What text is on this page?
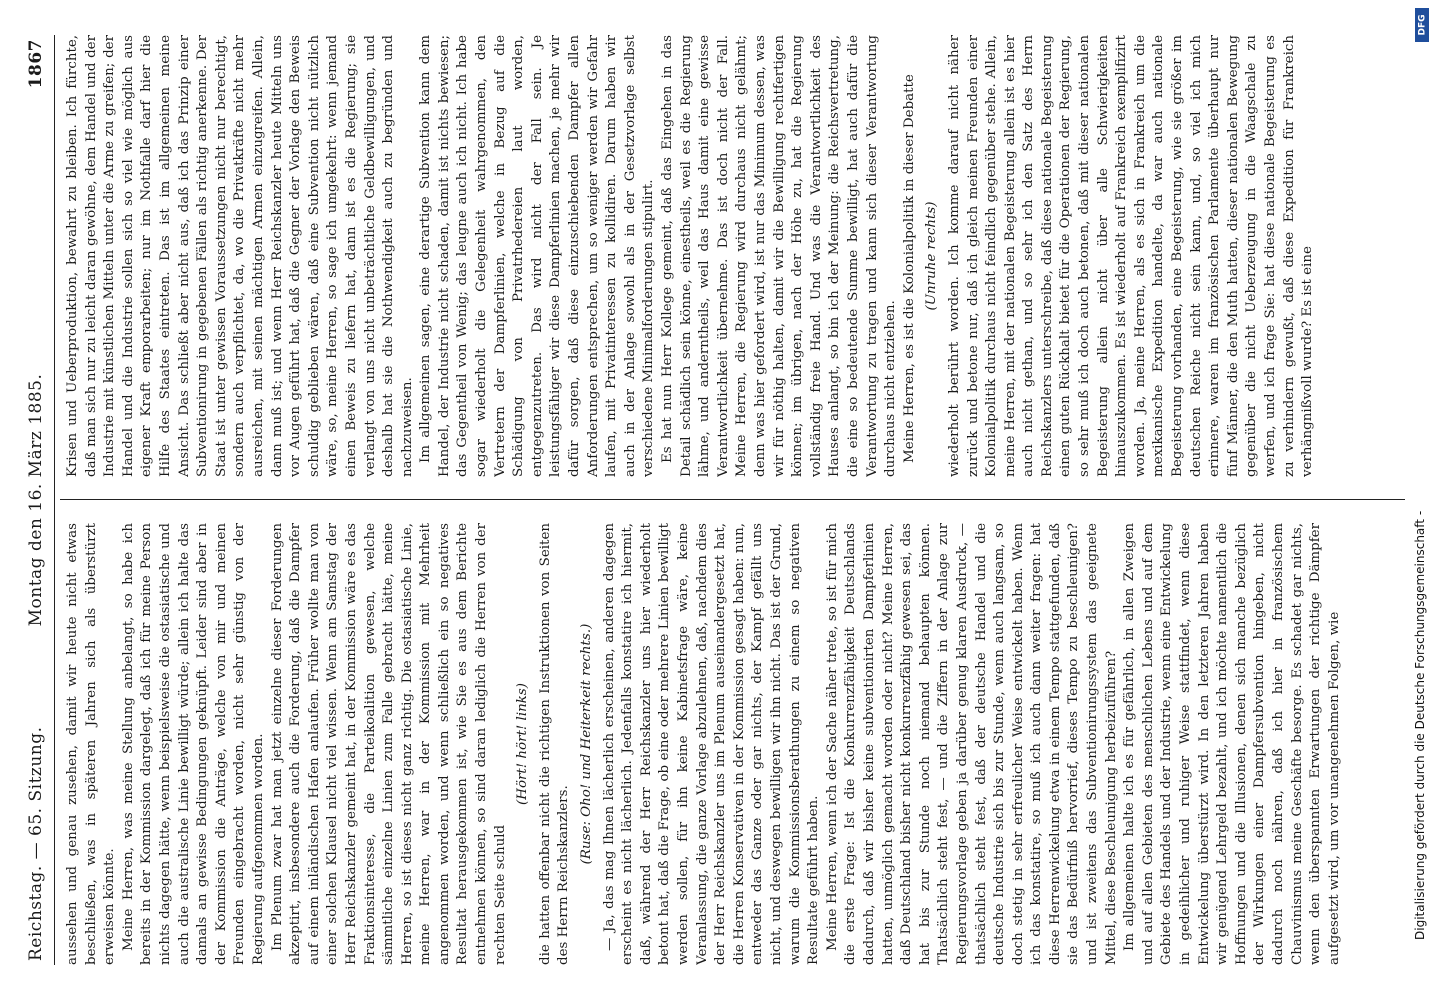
Reichstag. — 65. Sitzung.
Montag den 16. März 1885.
1867

aussehen und genau zusehen, damit wir heute nicht etwas beschließen, was in späteren Jahren sich als überstürzt erweisen könnte. Meine Herren, was meine Stellung anbelangt, so habe ich bereits in der Kommission dargelegt, daß ich für meine Person nichts dagegen hätte, wenn beispielsweise die ostasiatische und auch die australische Linie bewilligt würde; allein ich halte das damals an gewisse Bedingungen geknüpft. Leider sind aber in der Kommission die Anträge, welche von mir und meinen Freunden eingebracht worden, nicht sehr günstig von der Regierung aufgenommen worden. Im Plenum zwar hat man jetzt einzelne dieser Forderungen akzeptirt, insbesondere auch die Forderung, daß die Dampfer auf einem inländischen Hafen anlaufen. Früher wollte man von einer solchen Klausel nicht viel wissen. Wenn am Samstag der Herr Reichskanzler gemeint hat, in der Kommission wäre es das Fraktionsinteresse, die Parteikoalition gewesen, welche sämmtliche einzelne Linien zum Falle gebracht hätte, meine Herren, so ist dieses nicht ganz richtig. Die ostasiatische Linie, meine Herren, war in der Kommission mit Mehrheit angenommen worden, und wenn schließlich ein so negatives Resultat herausgekommen ist, wie Sie es aus dem Berichte entnehmen können, so sind daran lediglich die Herren von der rechten Seite schuld

(Hört! hört! links) die hatten offenbar nicht die richtigen Instruktionen von Seiten des Herrn Reichskanzlers.

(Ruse: Oho! und Heiterkeit rechts.) — Ja, das mag Ihnen lächerlich erscheinen, anderen dagegen erscheint es nicht lächerlich. Jedenfalls konstatire ich hiermit, daß, während der Herr Reichskanzler uns hier wiederholt betont hat, daß die Frage, ob eine oder mehrere Linien bewilligt werden sollen, für ihn keine Kabinetsfrage wäre, keine Veranlassung, die ganze Vorlage abzulehnen, daß, nachdem dies der Herr Reichskanzler uns im Plenum auseinandergesetzt hat, die Herren Konservativen in der Kommission gesagt haben: nun, entweder das Ganze oder gar nichts, der Kampf gefällt uns nicht, und deswegen bewilligen wir ihn nicht. Das ist der Grund, warum die Kommissionsberathungen zu einem so negativen Resultate geführt haben. Meine Herren, wenn ich der Sache näher trete, so ist für mich die erste Frage: Ist die Konkurrenzfähigkeit Deutschlands dadurch, daß wir bisher keine subventionirten Dampferlinien hatten, unmöglich gemacht worden oder nicht? Meine Herren, daß Deutschland bisher nicht konkurrenzfähig gewesen sei, das hat bis zur Stunde noch niemand behaupten können. Thatsächlich steht fest, — und die Ziffern in der Anlage zur Regierungsvorlage geben ja darüber genug klaren Ausdruck, — thatsächlich steht fest, daß der deutsche Handel und die deutsche Industrie sich bis zur Stunde, wenn auch langsam, so doch stetig in sehr erfreulicher Weise entwickelt haben. Wenn ich das konstatire, so muß ich auch dann weiter fragen: hat diese Herrenwickelung etwa in einem Tempo stattgefunden, daß sie das Bedürfniß hervorrief, dieses Tempo zu beschleunigen? und ist zweitens das Subventionirungssystem das geeignete Mittel, diese Beschleunigung herbeizuführen? Im allgemeinen halte ich es für gefährlich, in allen Zweigen und auf allen Gebieten des menschlichen Lebens und auf dem Gebiete des Handels und der Industrie, wenn eine Entwickelung in gedeihlicher und ruhiger Weise stattfindet, wenn diese Entwickelung überstürzt wird. In den letzteren Jahren haben wir genügend Lehrgeld bezahlt, und ich möchte namentlich die Hoffnungen und die Illusionen, denen sich manche bezüglich der Wirkungen einer Dampfersubvention hingeben, nicht dadurch noch nähren, daß ich hier in französischem Chauvinismus meine Geschäfte besorge. Es schadet gar nichts, wenn den überspannten Erwartungen der richtige Dämpfer aufgesetzt wird, um vor unangenehmen Folgen, wie

Krisen und Ueberproduktion, bewahrt zu bleiben. Ich fürchte, daß man sich nur zu leicht daran gewöhne, dem Handel und der Industrie mit künstlichen Mitteln unter die Arme zu greifen; der Handel und die Industrie sollen sich so viel wie möglich aus eigener Kraft emporarbeiten; nur im Nothfalle darf hier die Hilfe des Staates eintreten. Das ist im allgemeinen meine Ansicht. Das schließt aber nicht aus, daß ich das Prinzip einer Subventionirung in gegebenen Fällen als richtig anerkenne. Der Staat ist unter gewissen Voraussetzungen nicht nur berechtigt, sondern auch verpflichtet, da, wo die Privatkräfte nicht mehr ausreichen, mit seinen mächtigen Armen einzugreifen. Allein, dann muß ist; und wenn Herr Reichskanzler heute Mitteln uns vor Augen geführt hat, daß die Gegner der Vorlage den Beweis schuldig geblieben wären, daß eine Subvention nicht nützlich wäre, so, meine Herren, so sage ich umgekehrt: wenn jemand einen Beweis zu liefern hat, dann ist es die Regierung; sie verlangt von uns nicht unbeträchtliche Geldbewilligungen, und deshalb hat sie die Nothwendigkeit auch zu begründen und nachzuweisen. Im allgemeinen sagen, eine derartige Subvention kann dem Handel, der Industrie nicht schaden, damit ist nichts bewiesen; das Gegentheil von Wenig; das leugne auch ich nicht. Ich habe sogar wiederholt die Gelegenheit wahrgenommen, den Vertretern der Dampferlinien, welche in Bezug auf die Schädigung von Privatrhedereien laut worden, entgegenzutreten. Das wird nicht der Fall sein. Je leistungsfähiger wir diese Dampferlinien machen, je mehr wir dafür sorgen, daß diese einzuschiebenden Dampfer allen Anforderungen entsprechen, um so weniger werden wir Gefahr laufen, mit Privatinteressen zu kollidiren. Darum haben wir auch in der Anlage sowohl als in der Gesetzvorlage selbst verschiedene Minimalforderungen stipulirt. Es hat nun Herr Kollege gemeint, daß das Eingehen in das Detail schädlich sein könne, einestheils, weil es die Regierung lähme, und anderntheils, weil das Haus damit eine gewisse Verantwortlichkeit übernehme. Das ist doch nicht der Fall. Meine Herren, die Regierung wird durchaus nicht gelähmt; denn was hier gefordert wird, ist nur das Minimum dessen, was wir für nöthig halten, damit wir die Bewilligung rechtfertigen können; im übrigen, nach der Höhe zu, hat die Regierung vollständig freie Hand. Und was die Verantwortlichkeit des Hauses anlangt, so bin ich der Meinung: die Reichsvertretung, die eine so bedeutende Summe bewilligt, hat auch dafür die Verantwortung zu tragen und kann sich dieser Verantwortung durchaus nicht entziehen. Meine Herren, es ist die Kolonialpolitik in dieser Debatte (Unruhe rechts) wiederholt berührt worden. Ich komme darauf nicht näher zurück und betone nur, daß ich gleich meinen Freunden einer Kolonialpolitik durchaus nicht feindlich gegenüber stehe. Allein, meine Herren, mit der nationalen Begeisterung allein ist es hier auch nicht gethan, und so sehr ich den Satz des Herrn Reichskanzlers unterschreibe, daß diese nationale Begeisterung einen guten Rückhalt bietet für die Operationen der Regierung, so sehr muß ich doch auch betonen, daß mit dieser nationalen Begeisterung allein nicht über alle Schwierigkeiten hinauszukommen. Es ist wiederholt auf Frankreich exemplifizirt worden. Ja, meine Herren, als es sich in Frankreich um die mexikanische Expedition handelte, da war auch nationale Begeisterung vorhanden, eine Begeisterung, wie sie größer im deutschen Reiche nicht sein kann, und, so viel ich mich erinnere, waren im französischen Parlamente überhaupt nur fünf Männer, die den Muth hatten, dieser nationalen Bewegung gegenüber die nicht Ueberzeugung in die Waagschale zu werfen, und ich frage Sie: hat diese nationale Begeisterung es zu verhindern gewußt, daß diese Expedition für Frankreich verhängnißvoll wurde? Es ist eine

Digitalisierung gefördert durch die Deutsche Forschungsgemeinschaft -
DFG
